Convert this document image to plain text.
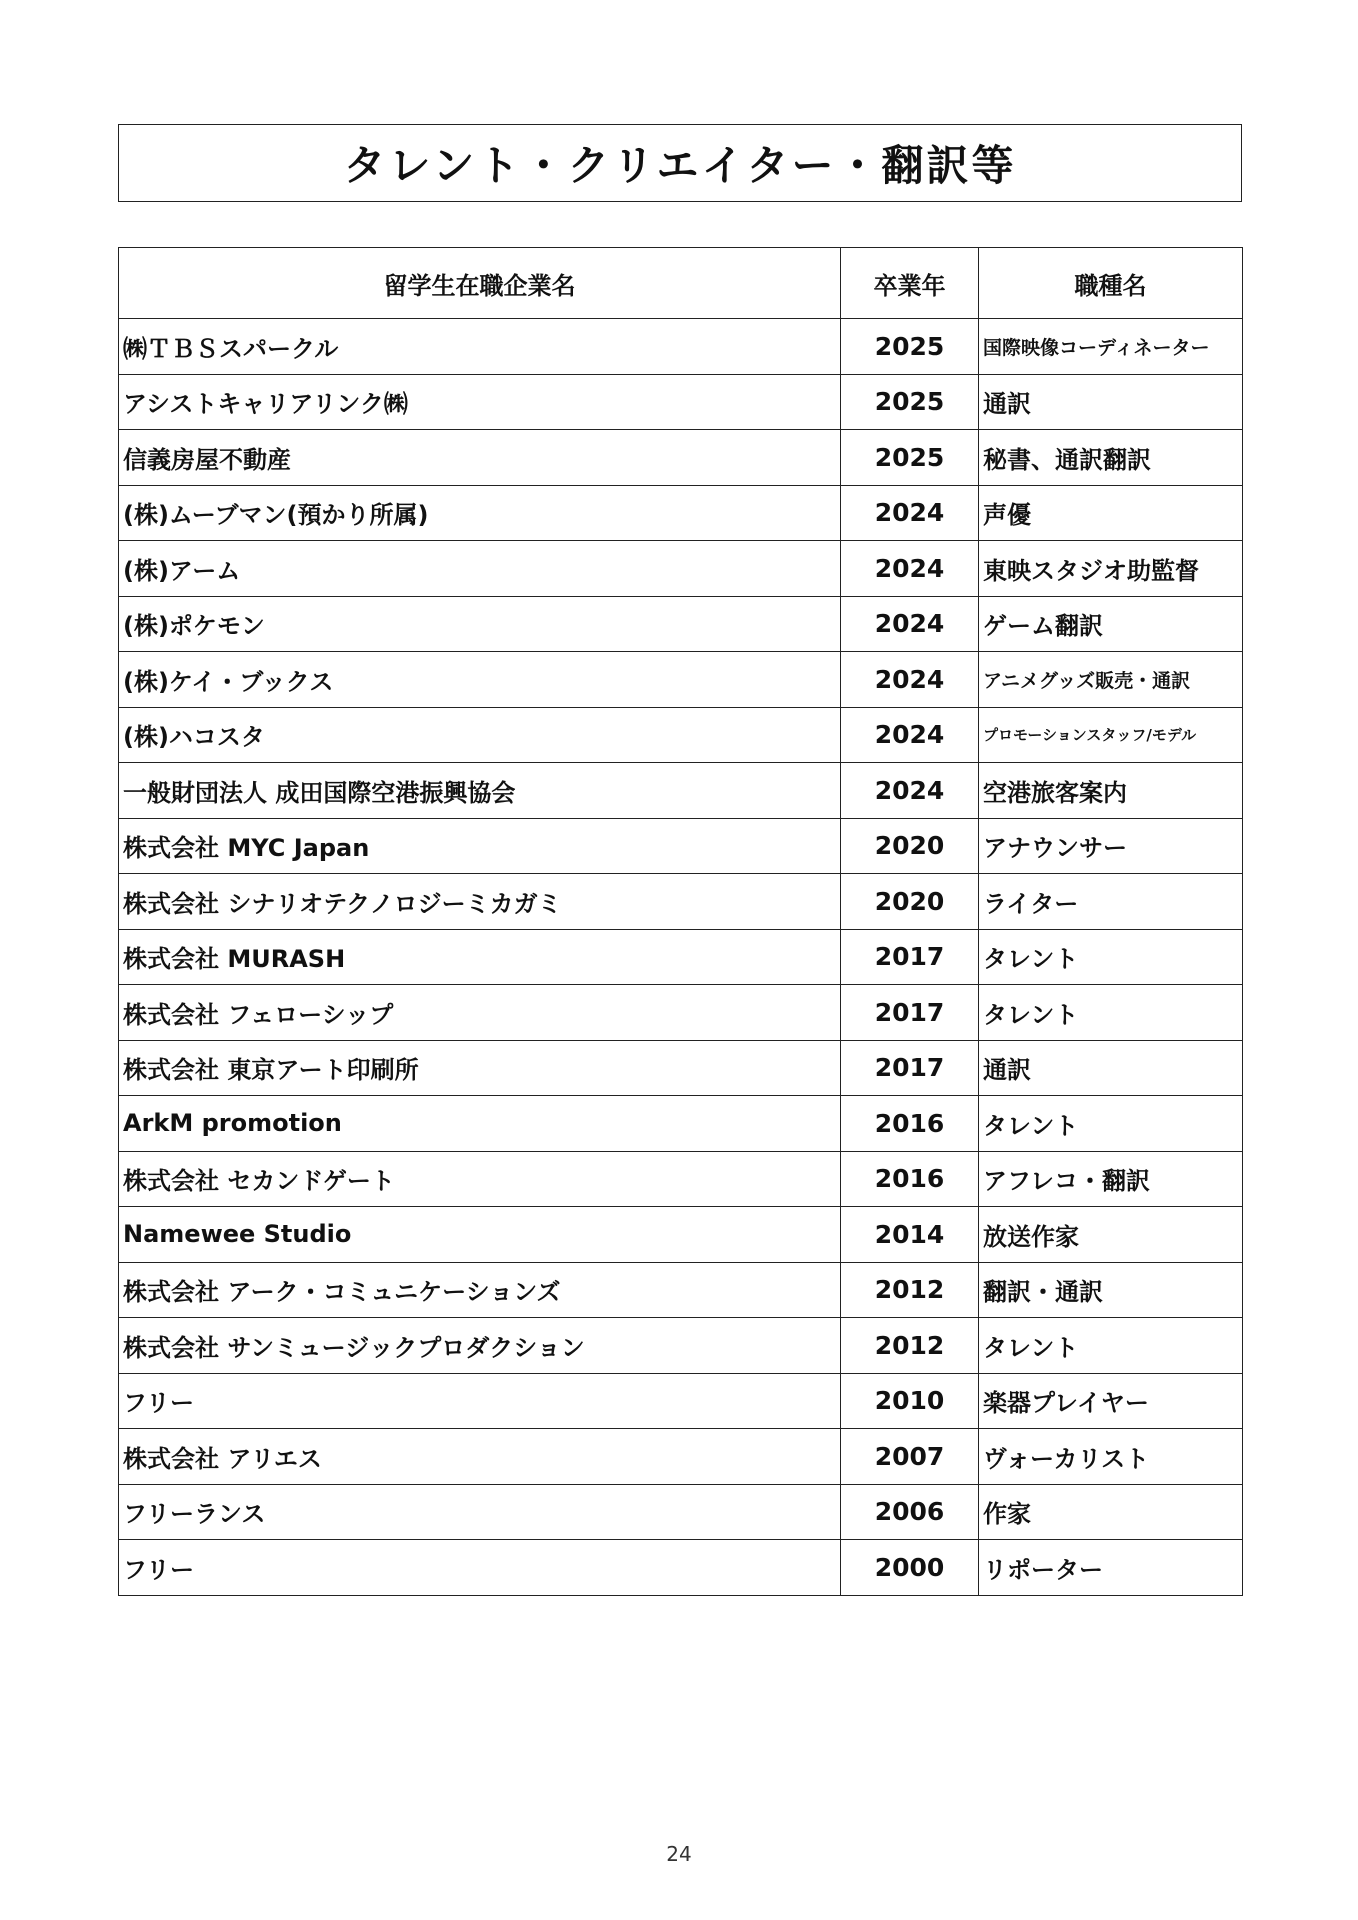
タレント・クリエイター・翻訳等
留学生在職企業名	卒業年	職種名
㈱ＴＢＳスパークル	2025	国際映像コーディネーター
アシストキャリアリンク㈱	2025	通訳
信義房屋不動産	2025	秘書、通訳翻訳
(株)ムーブマン(預かり所属)	2024	声優
(株)アーム	2024	東映スタジオ助監督
(株)ポケモン	2024	ゲーム翻訳
(株)ケイ・ブックス	2024	アニメグッズ販売・通訳
(株)ハコスタ	2024	プロモーションスタッフ/モデル
一般財団法人 成田国際空港振興協会	2024	空港旅客案内
株式会社 MYC Japan	2020	アナウンサー
株式会社 シナリオテクノロジーミカガミ	2020	ライター
株式会社 MURASH	2017	タレント
株式会社 フェローシップ	2017	タレント
株式会社 東京アート印刷所	2017	通訳
ArkM promotion	2016	タレント
株式会社 セカンドゲート	2016	アフレコ・翻訳
Namewee Studio	2014	放送作家
株式会社 アーク・コミュニケーションズ	2012	翻訳・通訳
株式会社 サンミュージックプロダクション	2012	タレント
フリー	2010	楽器プレイヤー
株式会社 アリエス	2007	ヴォーカリスト
フリーランス	2006	作家
フリー	2000	リポーター
24
